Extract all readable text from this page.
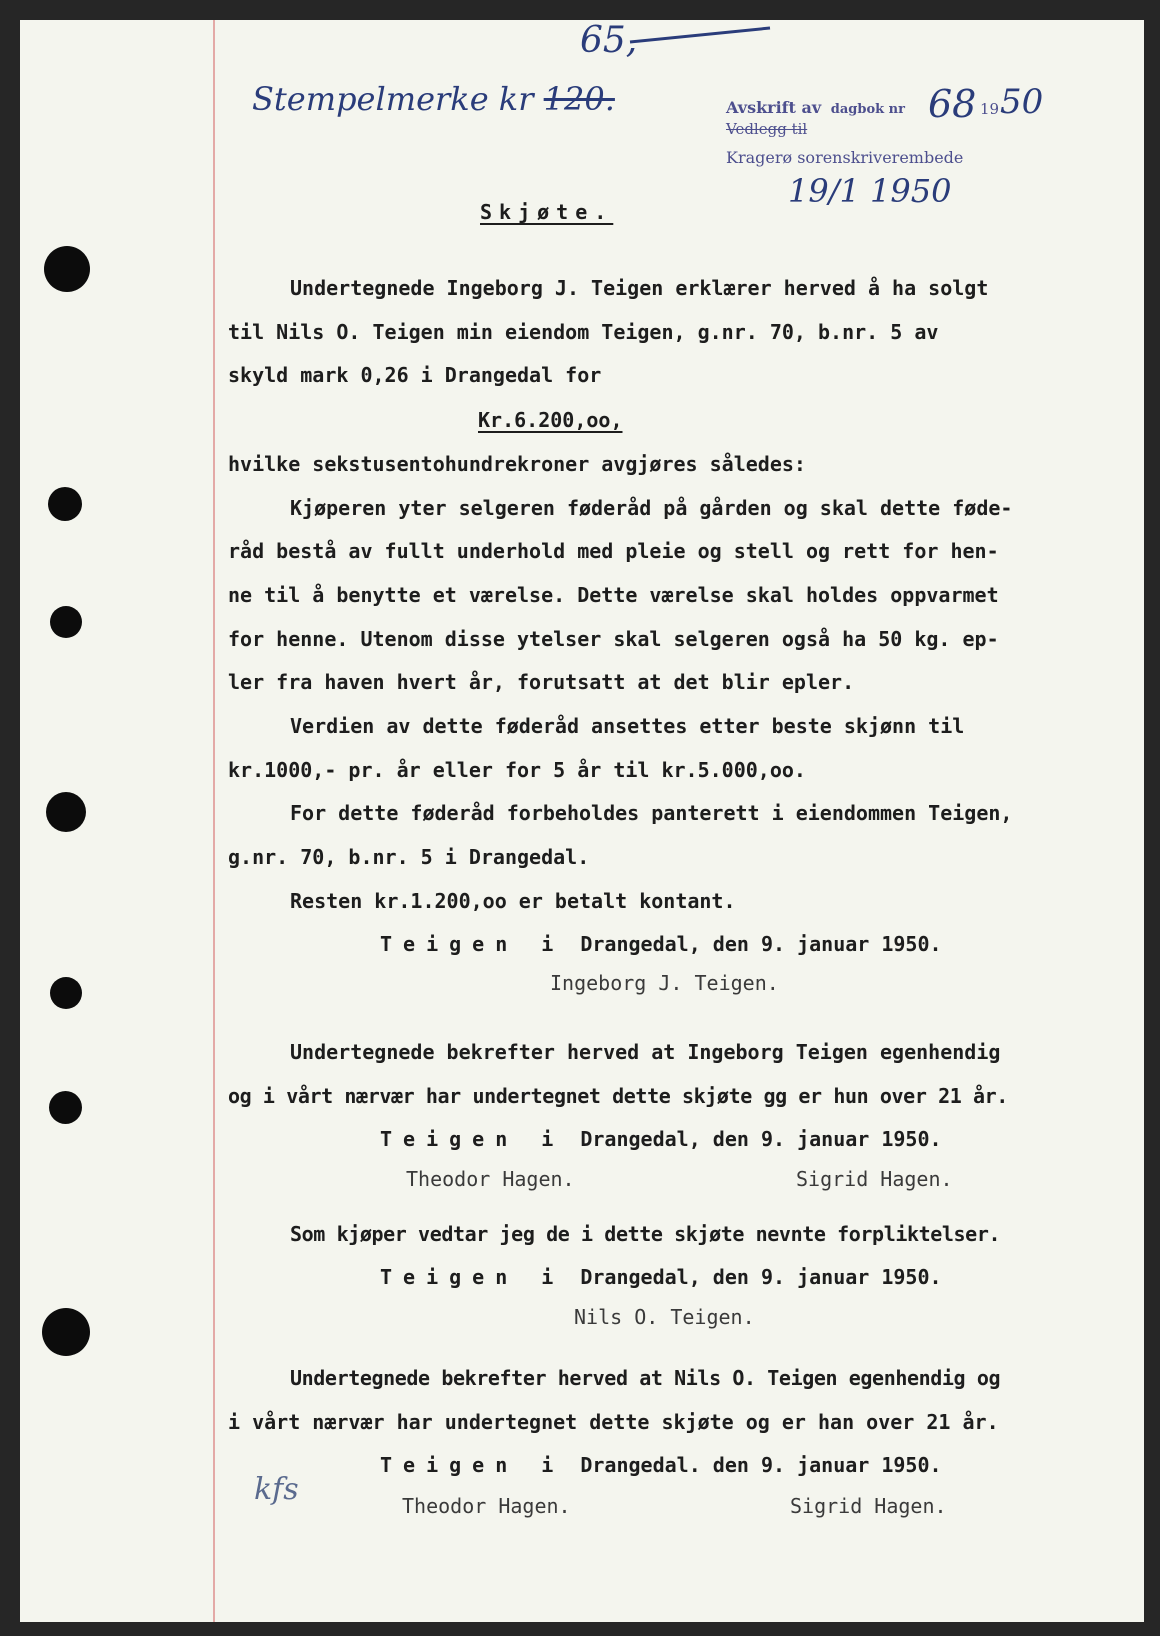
65,
Stempelmerke kr 120.	Avskrift av dagbok nr
Vedlegg til
Kragerø sorenskriverembede
68 19 50
19/1 1950
Skjøte.
Undertegnede Ingeborg J. Teigen erklærer herved å ha solgt
til Nils O. Teigen min eiendom Teigen, g.nr. 70, b.nr. 5 av
skyld mark 0,26 i Drangedal for
Kr.6.200,oo,
hvilke sekstusentohundrekroner avgjøres således:
Kjøperen yter selgeren føderåd på gården og skal dette føde-
råd bestå av fullt underhold med pleie og stell og rett for hen-
ne til å benytte et værelse. Dette værelse skal holdes oppvarmet
for henne. Utenom disse ytelser skal selgeren også ha 50 kg. ep-
ler fra haven hvert år, forutsatt at det blir epler.
Verdien av dette føderåd ansettes etter beste skjønn til
kr.1000,- pr. år eller for 5 år til kr.5.000,oo.
For dette føderåd forbeholdes panterett i eiendommen Teigen,
g.nr. 70, b.nr. 5 i Drangedal.
Resten kr.1.200,oo er betalt kontant.
Teigen i Drangedal, den 9. januar 1950.
Ingeborg J. Teigen.
Undertegnede bekrefter herved at Ingeborg Teigen egenhendig
og i vårt nærvær har undertegnet dette skjøte gg er hun over 21 år.
Teigen i Drangedal, den 9. januar 1950.
Theodor Hagen.	Sigrid Hagen.
Som kjøper vedtar jeg de i dette skjøte nevnte forpliktelser.
Teigen i Drangedal, den 9. januar 1950.
Nils O. Teigen.
Undertegnede bekrefter herved at Nils O. Teigen egenhendig og
i vårt nærvær har undertegnet dette skjøte og er han over 21 år.
Teigen i Drangedal. den 9. januar 1950.
kfs	Theodor Hagen.	Sigrid Hagen.
